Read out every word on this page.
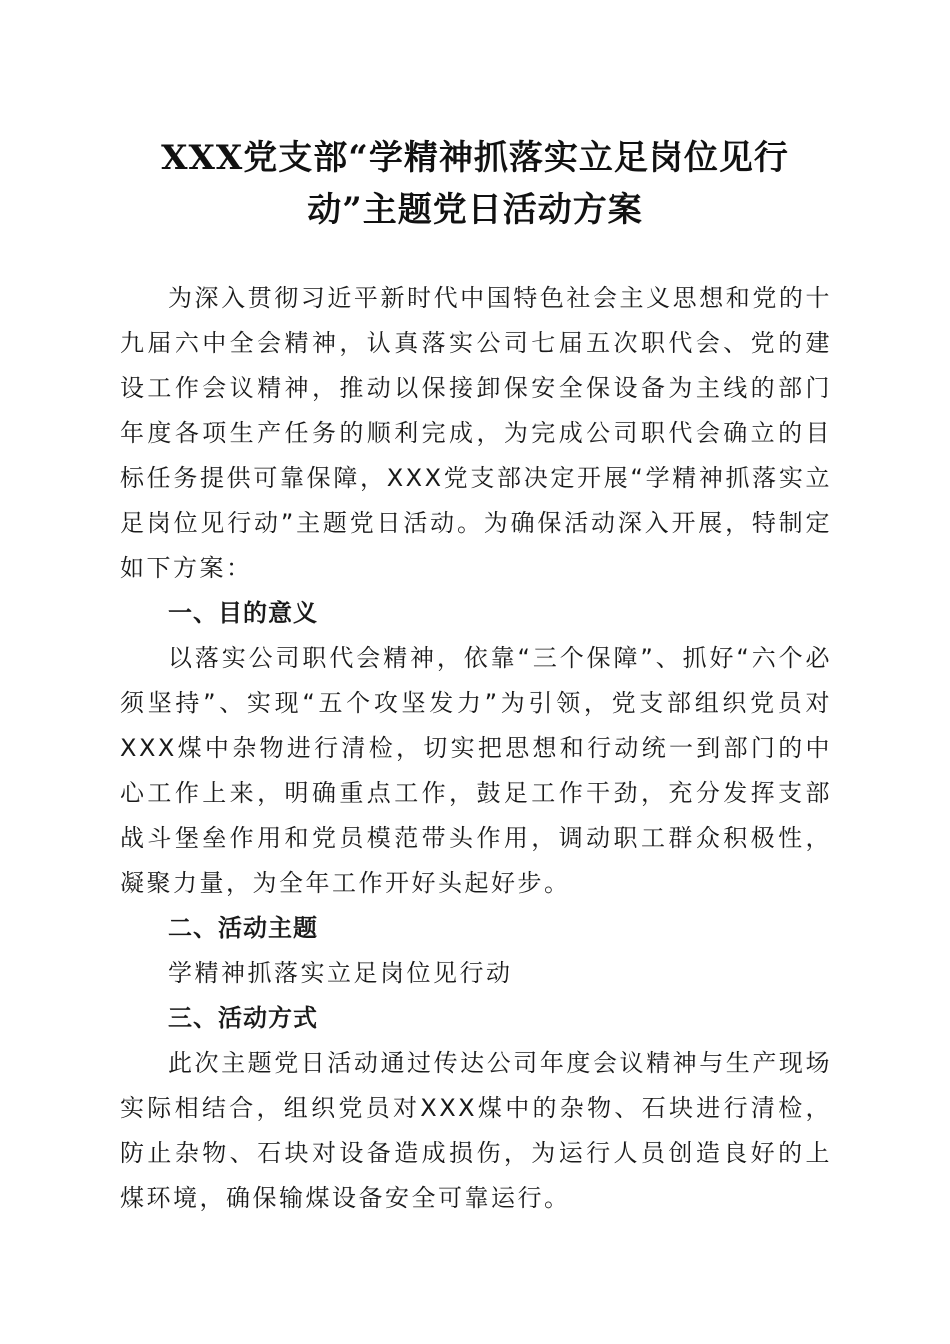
XXX党支部“学精神抓落实立足岗位见行
动”主题党日活动方案

为深入贯彻习近平新时代中国特色社会主义思想和党的十九届六中全会精神，认真落实公司七届五次职代会、党的建设工作会议精神，推动以保接卸保安全保设备为主线的部门年度各项生产任务的顺利完成，为完成公司职代会确立的目标任务提供可靠保障，XXX党支部决定开展“学精神抓落实立足岗位见行动”主题党日活动。为确保活动深入开展，特制定如下方案：

一、目的意义

以落实公司职代会精神，依靠“三个保障”、抓好“六个必须坚持”、实现“五个攻坚发力”为引领，党支部组织党员对XXX煤中杂物进行清检，切实把思想和行动统一到部门的中心工作上来，明确重点工作，鼓足工作干劲，充分发挥支部战斗堡垒作用和党员模范带头作用，调动职工群众积极性，凝聚力量，为全年工作开好头起好步。

二、活动主题

学精神抓落实立足岗位见行动

三、活动方式

此次主题党日活动通过传达公司年度会议精神与生产现场实际相结合，组织党员对XXX煤中的杂物、石块进行清检，防止杂物、石块对设备造成损伤，为运行人员创造良好的上煤环境，确保输煤设备安全可靠运行。
